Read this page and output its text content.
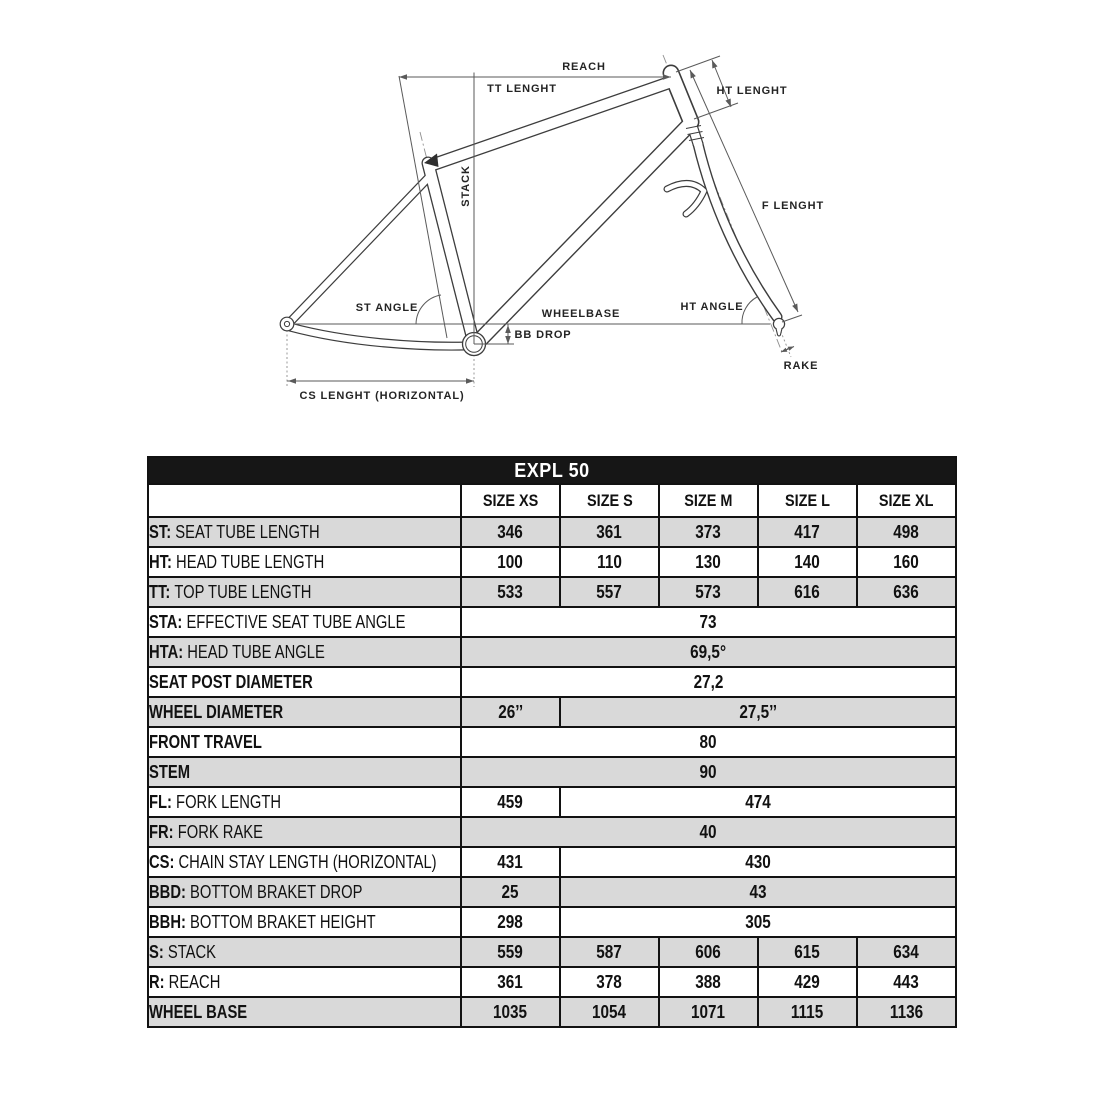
REACH
TT LENGHT	HT LENGHT
STACK	F LENGHT
ST ANGLE	WHEELBASE
BB DROP
HT ANGLE
RAKE
CS LENGHT (HORIZONTAL)
EXPL 50					
	SIZE XS	SIZE S	SIZE M	SIZE L	SIZE XL
ST: SEAT TUBE LENGTH	346	361	373	417	498
HT: HEAD TUBE LENGTH	100	110	130	140	160
TT: TOP TUBE LENGTH	533	557	573	616	636
STA: EFFECTIVE SEAT TUBE ANGLE	73				
HTA: HEAD TUBE ANGLE	69,5°				
SEAT POST DIAMETER	27,2				
WHEEL DIAMETER	26’’	27,5’’			
FRONT TRAVEL	80				
STEM	90				
FL: FORK LENGTH	459	474			
FR: FORK RAKE	40				
CS: CHAIN STAY LENGTH (HORIZONTAL)	431	430			
BBD: BOTTOM BRAKET DROP	25	43			
BBH: BOTTOM BRAKET HEIGHT	298	305			
S: STACK	559	587	606	615	634
R: REACH	361	378	388	429	443
WHEEL BASE	1035	1054	1071	1115	1136
